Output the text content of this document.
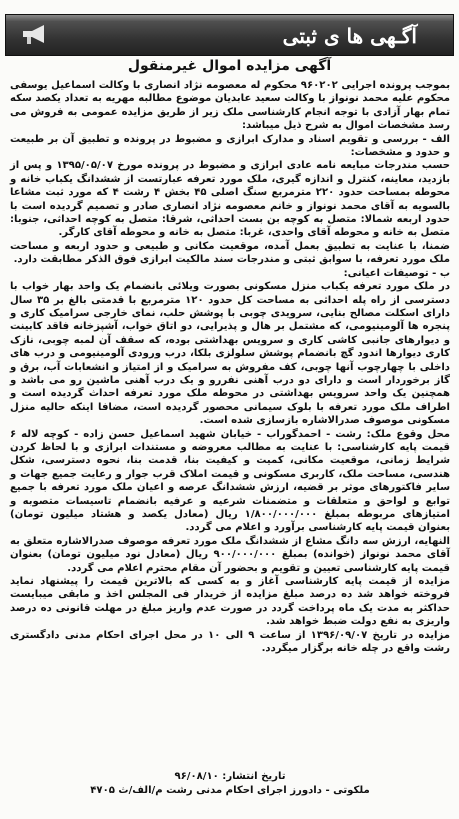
آگـهی ها ی ثبتی
آگهی مزایده اموال غیرمنقول

بموجب پرونده اجرایی ۹۶۰۲۰۲ محکوم له معصومه نژاد انصاری با وکالت اسماعیل یوسفی محکوم علیه محمد نونواز با وکالت سعید عابدیان موضوع مطالبه مهریه به تعداد یکصد سکه تمام بهار آزادی با توجه انجام کارشناسی ملک زیر از طریق مزایده عمومی به فروش می رسد مشخصات اموال به شرح ذیل میباشد:

الف - بررسی و تقویم اسناد و مدارک ابرازی و مضبوط در پرونده و تطبیق آن بر طبیعت و حدود و مشخصات:

حسب مندرجات مبایعه نامه عادی ابرازی و مضبوط در پرونده مورخ ۱۳۹۵/۰۵/۰۷ و پس از بازدید، معاینه، کنترل و اندازه گیری، ملک مورد تعرفه عبارتست از ششدانگ یکباب خانه و محوطه بمساحت حدود ۲۲۰ مترمربع سنگ اصلی ۴۵ بخش ۴ رشت ۴ که مورد ثبت مشاعا بالسویه به آقای محمد نونواز و خانم معصومه نژاد انصاری صادر و تصمیم گردیده است با حدود اربعه شمالا: متصل به کوچه بن بست احداثی، شرقا: متصل به کوچه احداثی، جنوبا: متصل به خانه و محوطه آقای واحدی، غربا: متصل به خانه و محوطه آقای کارگر.

ضمنا، با عنایت به تطبیق بعمل آمده، موقعیت مکانی و طبیعی و حدود اربعه و مساحت ملک مورد تعرفه، با سوابق ثبتی و مندرجات سند مالکیت ابرازی فوق الذکر مطابقت دارد.

ب - توصیفات اعیانی:

در ملک مورد تعرفه یکباب منزل مسکونی بصورت ویلائی بانضمام یک واحد بهار خواب با دسترسی از راه پله احداثی به مساحت کل حدود ۱۲۰ مترمربع با قدمتی بالغ بر ۳۵ سال دارای اسکلت مصالح بنایی، سرویدی چوبی با پوشش حلب، نمای خارجی سرامیک کاری و پنجره ها آلومینیومی، که مشتمل بر هال و پذیرایی، دو اتاق خواب، آشپزخانه فاقد کابینت و دیوارهای جانبی کاشی کاری و سرویس بهداشتی بوده، که سقف آن لمبه چوبی، نازک کاری دیوارها اندود گچ بانضمام پوشش سلولزی بلکا، درب ورودی آلومینیومی و درب های داخلی با چهارچوب آنها چوبی، کف مفروش به سرامیک و از امتیاز و انشعابات آب، برق و گاز برخوردار است و دارای دو درب آهنی نفررو و یک درب آهنی ماشین رو می باشد و همچنین یک واحد سرویس بهداشتی در محوطه ملک مورد تعرفه احداث گردیده است و اطراف ملک مورد تعرفه با بلوک سیمانی محصور گردیده است، مضافا اینکه حالیه منزل مسکونی موصوف صدرالاشاره بازسازی شده است.

محل وقوع ملک: رشت - احمدگوراب - خیابان شهید اسماعیل حسن زاده - کوچه لاله ۶ قیمت پایه کارشناسی: با عنایت به مطالب معروضه و مستندات ابرازی و با لحاظ کردن شرایط زمانی، موقعیت مکانی، کمیت و کیفیت بنا، قدمت بنا، نحوه دسترسی، شکل هندسی، مساحت ملک، کاربری مسکونی و قیمت املاک قرب جوار و رعایت جمیع جهات و سایر فاکتورهای موثر بر قضیه، ارزش ششدانگ عرصه و اعیان ملک مورد تعرفه با جمیع توابع و لواحق و متعلقات و متضمنات شرعیه و عرفیه بانضمام تاسیسات متصوبه و امتیازهای مربوطه بمبلغ ۱/۸۰۰/۰۰۰/۰۰۰ ریال (معادل یکصد و هشتاد میلیون تومان) بعنوان قیمت پایه کارشناسی برآورد و اعلام می گردد.

النهایه، ارزش سه دانگ مشاع از ششدانگ ملک مورد تعرفه موصوف صدرالاشاره متعلق به آقای محمد نونواز (خوانده) بمبلغ ۹۰۰/۰۰۰/۰۰۰ ریال (معادل نود میلیون تومان) بعنوان قیمت پایه کارشناسی تعیین و تقویم و بحضور آن مقام محترم اعلام می گردد.

مزایده از قیمت پایه کارشناسی آغاز و به کسی که بالاترین قیمت را پیشنهاد نماید فروخته خواهد شد ده درصد مبلغ مزایده از خریدار فی المجلس اخذ و مابقی میبایست حداکثر به مدت یک ماه پرداخت گردد در صورت عدم واریز مبلغ در مهلت قانونی ده درصد واریزی به نفع دولت ضبط خواهد شد.

مزایده در تاریخ ۱۳۹۶/۰۹/۰۷ از ساعت ۹ الی ۱۰ در محل اجرای احکام مدنی دادگستری رشت واقع در چله خانه برگزار میگردد.

تاریخ انتشار: ۹۶/۰۸/۱۰
ملکوتی - دادورز اجرای احکام مدنی رشت م/الف/ث ۴۷۰۵
